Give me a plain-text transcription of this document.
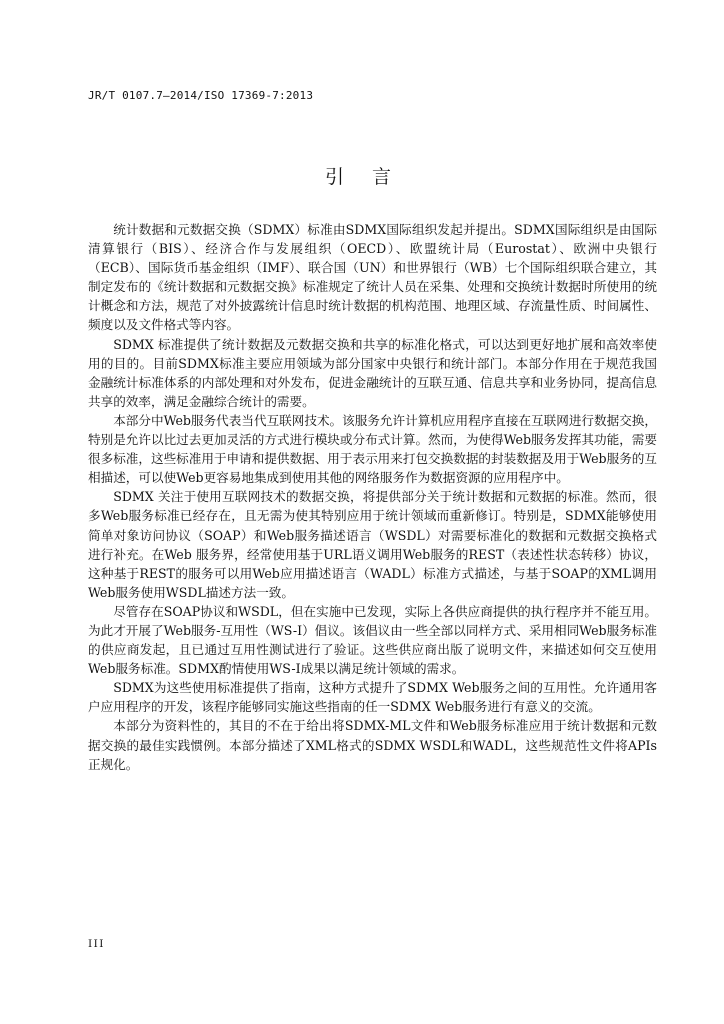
JR/T 0107.7—2014/ISO 17369-7:2013
引言

统计数据和元数据交换（SDMX）标准由SDMX国际组织发起并提出。SDMX国际组织是由国际清算银行（BIS）、经济合作与发展组织（OECD）、欧盟统计局（Eurostat）、欧洲中央银行（ECB）、国际货币基金组织（IMF）、联合国（UN）和世界银行（WB）七个国际组织联合建立，其制定发布的《统计数据和元数据交换》标准规定了统计人员在采集、处理和交换统计数据时所使用的统计概念和方法，规范了对外披露统计信息时统计数据的机构范围、地理区域、存流量性质、时间属性、频度以及文件格式等内容。

SDMX 标准提供了统计数据及元数据交换和共享的标准化格式，可以达到更好地扩展和高效率使用的目的。目前SDMX标准主要应用领域为部分国家中央银行和统计部门。本部分作用在于规范我国金融统计标准体系的内部处理和对外发布，促进金融统计的互联互通、信息共享和业务协同，提高信息共享的效率，满足金融综合统计的需要。

本部分中Web服务代表当代互联网技术。该服务允许计算机应用程序直接在互联网进行数据交换，特别是允许以比过去更加灵活的方式进行模块或分布式计算。然而，为使得Web服务发挥其功能，需要很多标准，这些标准用于申请和提供数据、用于表示用来打包交换数据的封装数据及用于Web服务的互相描述，可以使Web更容易地集成到使用其他的网络服务作为数据资源的应用程序中。

SDMX 关注于使用互联网技术的数据交换，将提供部分关于统计数据和元数据的标准。然而，很多Web服务标准已经存在，且无需为使其特别应用于统计领域而重新修订。特别是，SDMX能够使用简单对象访问协议（SOAP）和Web服务描述语言（WSDL）对需要标准化的数据和元数据交换格式进行补充。在Web 服务界，经常使用基于URL语义调用Web服务的REST（表述性状态转移）协议，这种基于REST的服务可以用Web应用描述语言（WADL）标准方式描述，与基于SOAP的XML调用Web服务使用WSDL描述方法一致。

尽管存在SOAP协议和WSDL，但在实施中已发现，实际上各供应商提供的执行程序并不能互用。为此才开展了Web服务-互用性（WS-I）倡议。该倡议由一些全部以同样方式、采用相同Web服务标准的供应商发起，且已通过互用性测试进行了验证。这些供应商出版了说明文件，来描述如何交互使用Web服务标准。SDMX酌情使用WS-I成果以满足统计领域的需求。

SDMX为这些使用标准提供了指南，这种方式提升了SDMX Web服务之间的互用性。允许通用客户应用程序的开发，该程序能够同实施这些指南的任一SDMX Web服务进行有意义的交流。

本部分为资料性的，其目的不在于给出将SDMX-ML文件和Web服务标准应用于统计数据和元数据交换的最佳实践惯例。本部分描述了XML格式的SDMX WSDL和WADL，这些规范性文件将APIs正规化。

III
